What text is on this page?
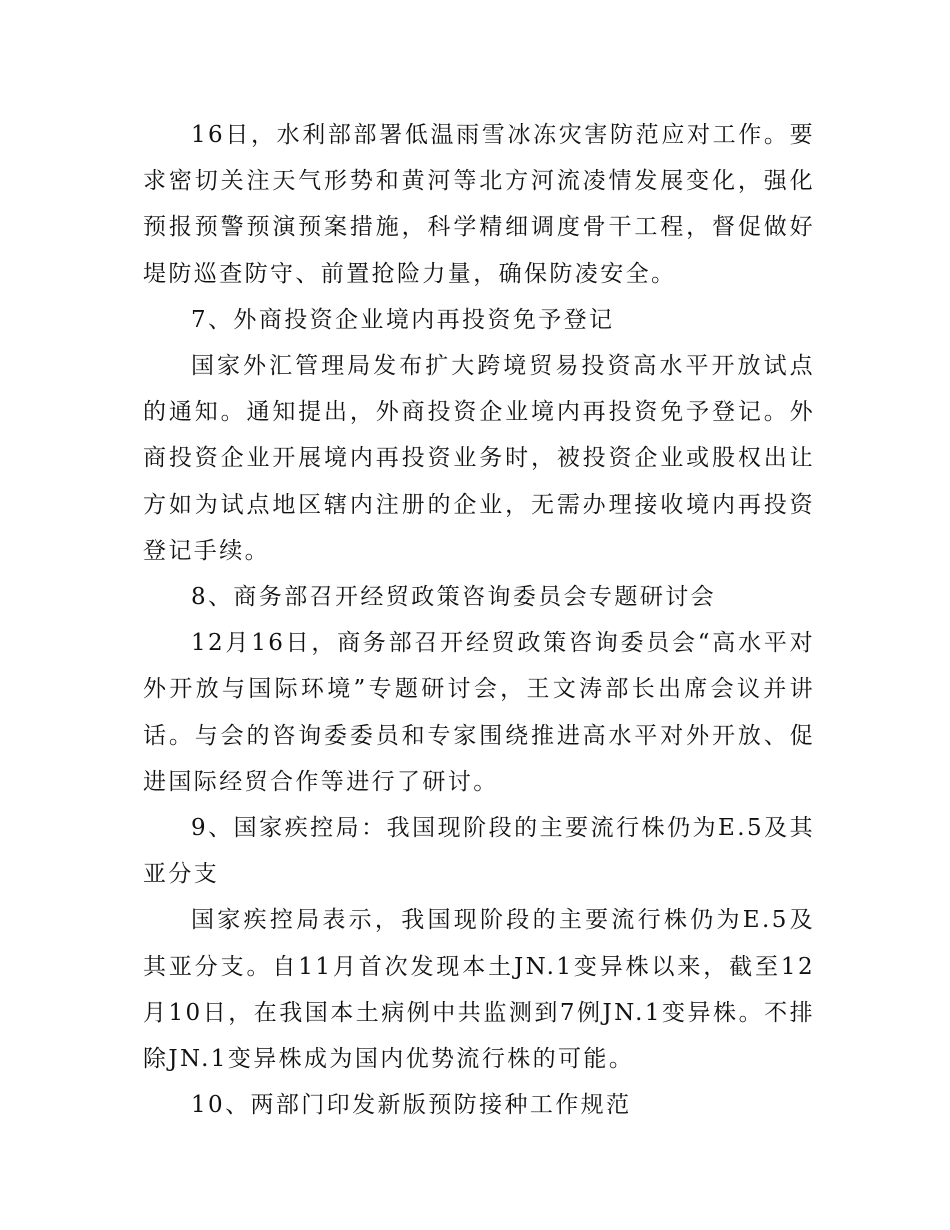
16日，水利部部署低温雨雪冰冻灾害防范应对工作。要求密切关注天气形势和黄河等北方河流凌情发展变化，强化预报预警预演预案措施，科学精细调度骨干工程，督促做好堤防巡查防守、前置抢险力量，确保防凌安全。

7、外商投资企业境内再投资免予登记

国家外汇管理局发布扩大跨境贸易投资高水平开放试点的通知。通知提出，外商投资企业境内再投资免予登记。外商投资企业开展境内再投资业务时，被投资企业或股权出让方如为试点地区辖内注册的企业，无需办理接收境内再投资登记手续。

8、商务部召开经贸政策咨询委员会专题研讨会

12月16日，商务部召开经贸政策咨询委员会“高水平对外开放与国际环境”专题研讨会，王文涛部长出席会议并讲话。与会的咨询委委员和专家围绕推进高水平对外开放、促进国际经贸合作等进行了研讨。

9、国家疾控局：我国现阶段的主要流行株仍为E.5及其亚分支

国家疾控局表示，我国现阶段的主要流行株仍为E.5及其亚分支。自11月首次发现本土JN.1变异株以来，截至12月10日，在我国本土病例中共监测到7例JN.1变异株。不排除JN.1变异株成为国内优势流行株的可能。

10、两部门印发新版预防接种工作规范
